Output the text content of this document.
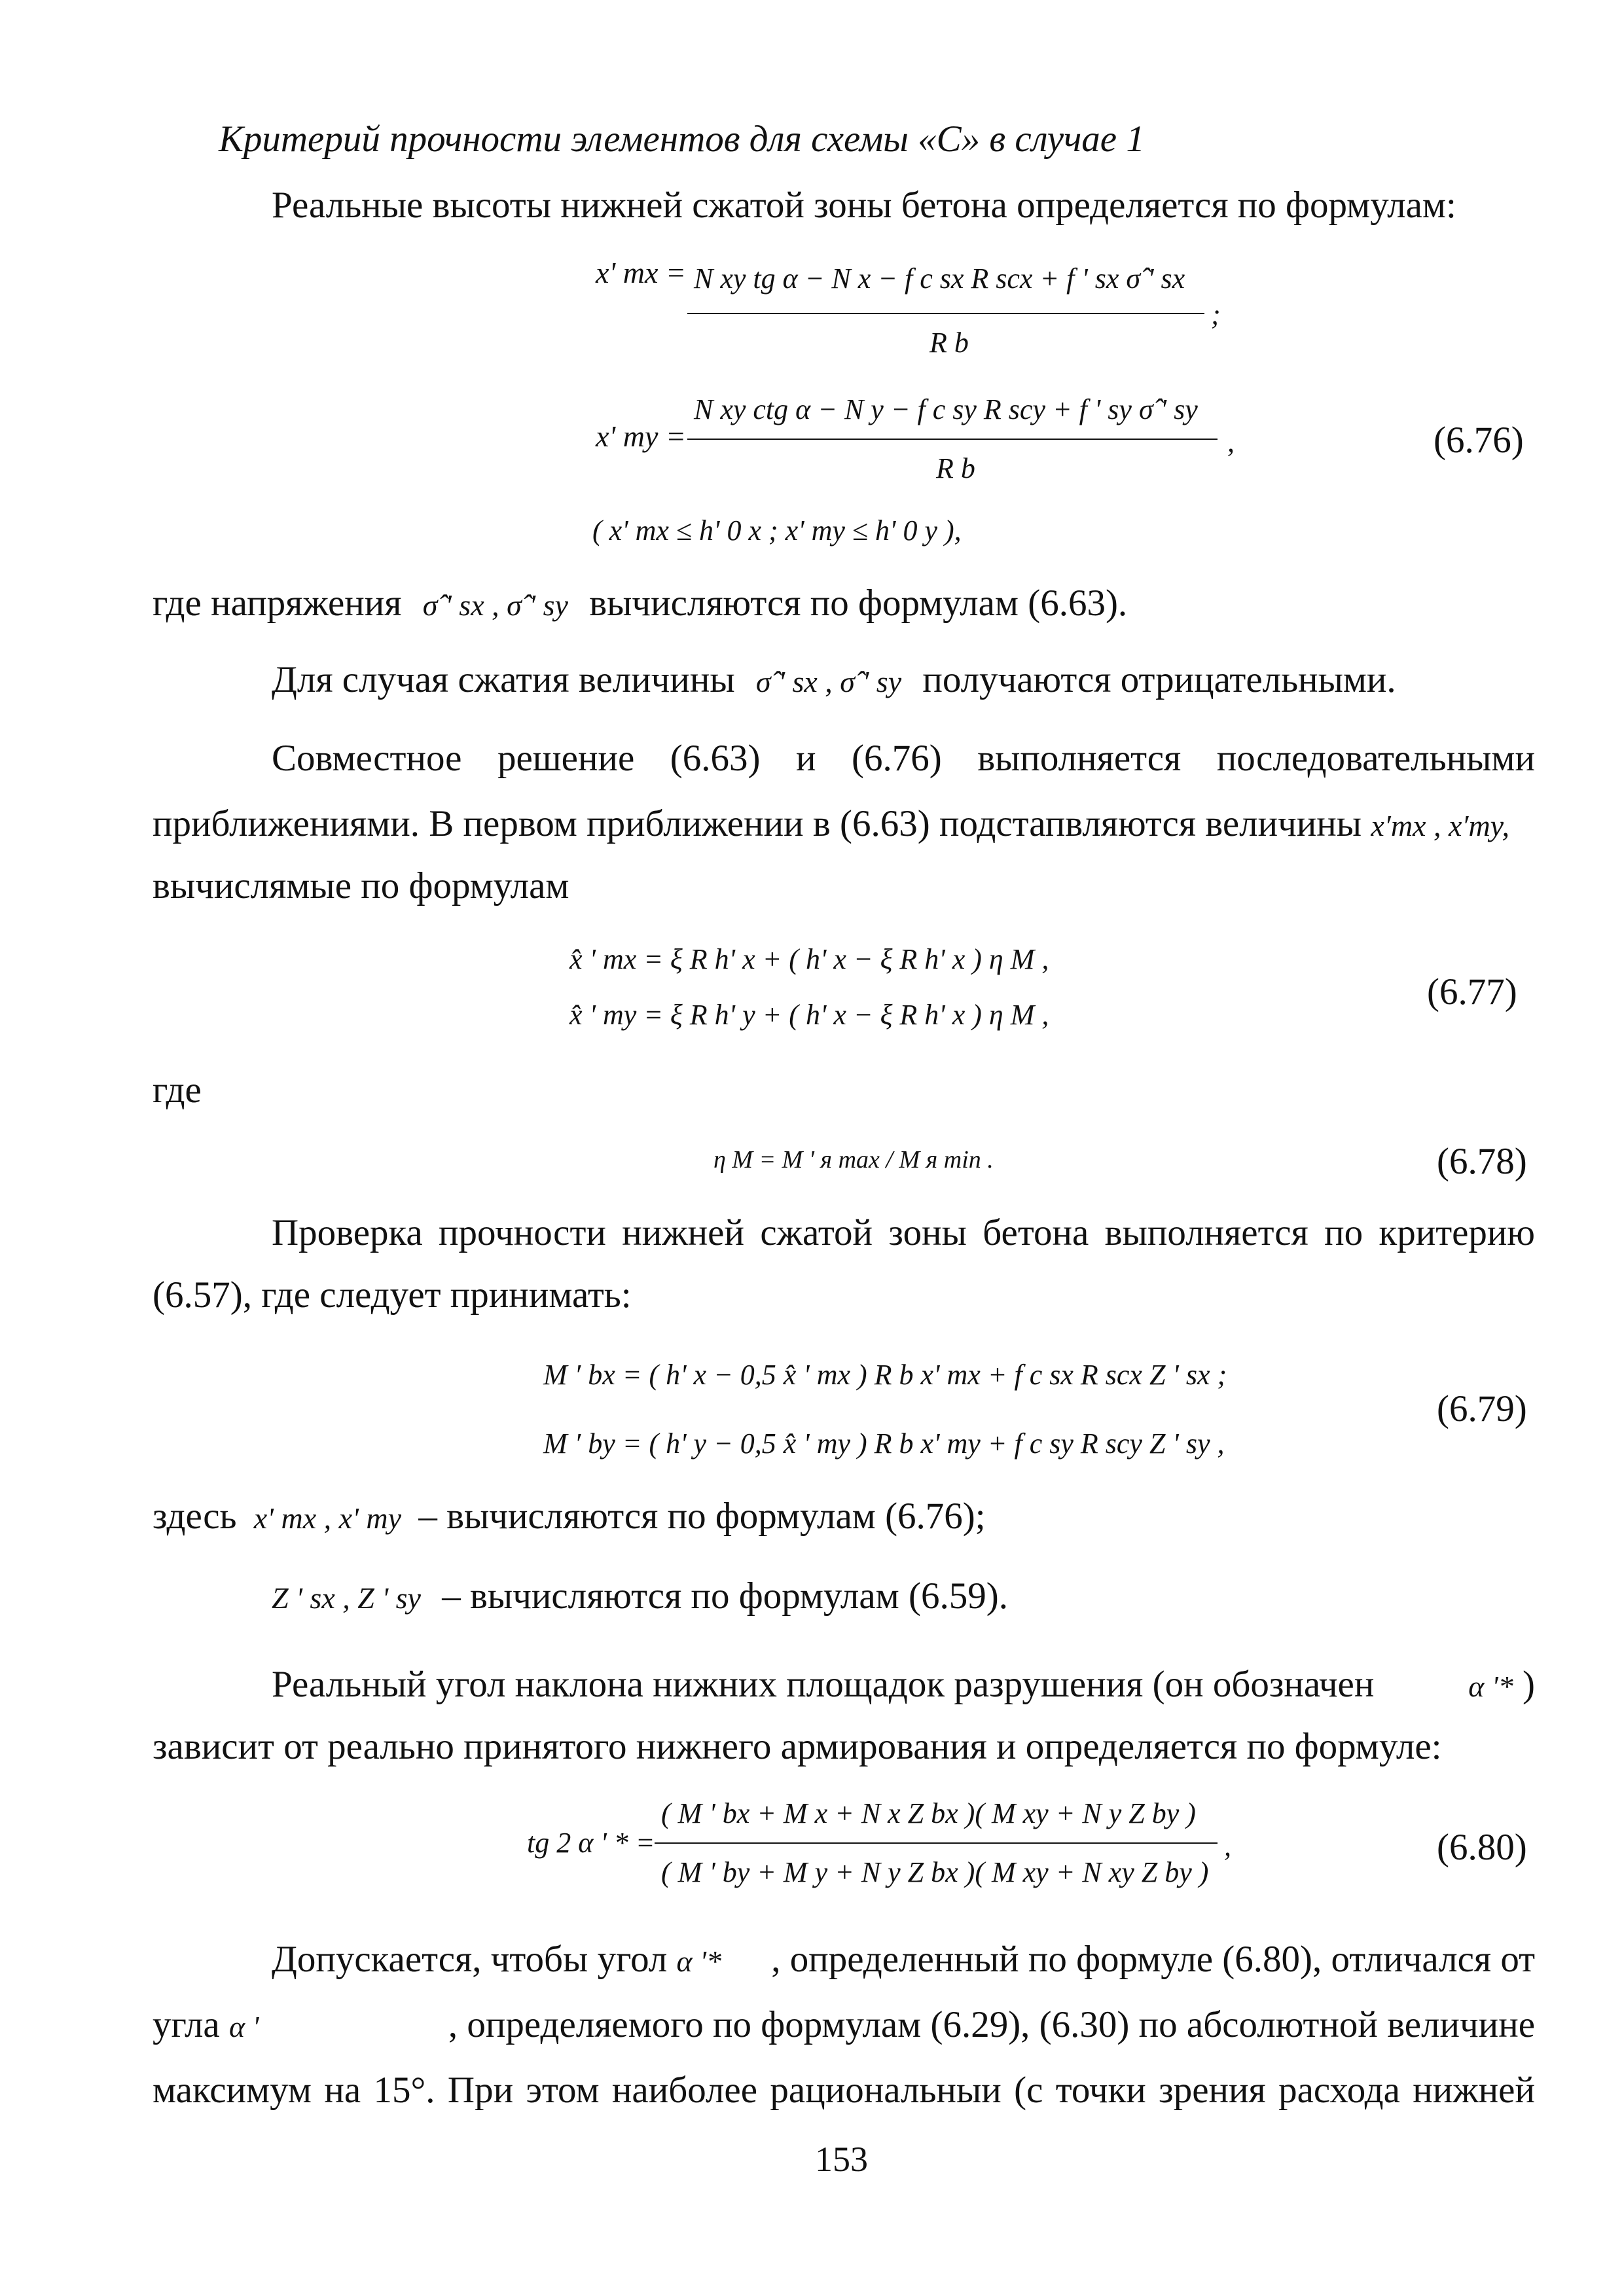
Критерий прочности элементов для схемы «С» в случае 1
Реальные высоты нижней сжатой зоны бетона определяется по формулам:
x' тx = N xy tg α − N x − f c sx R scx + f ' sx σ̂ ' sx
R b
;
x' тy =
N xy ctg α − N y − f c sy R scy + f ' sy σ̂ ' sy
R b
,
( x' тx ≤ h' 0 x ; x' тy ≤ h' 0 y ),
(6.76)
где напряжения σ̂ ' sx , σ̂ ' sy вычисляются по формулам (6.63).
Для случая сжатия величины σ̂ ' sx , σ̂ ' sy получаются отрицательными.
Совместное решение (6.63) и (6.76) выполняется последовательными
приближениями. В первом приближении в (6.63) подстапвляются величины x′тх , x′тy,
вычислямые по формулам
x̂ ' тx = ξ R h' x + ( h' x − ξ R h' x ) η M ,
x̂ ' тy = ξ R h' y + ( h' x − ξ R h' x ) η M ,
(6.77)
где
η M = M ' я max / M я min .	(6.78)
Проверка прочности нижней сжатой зоны бетона выполняется по критерию
(6.57), где следует принимать:
M ′ bx = ( h' x − 0,5 x̂ ' тx ) R b x' тx + f c sx R scx Z ' sx ;
M ′ by = ( h' y − 0,5 x̂ ' тy ) R b x' тy + f c sy R scy Z ' sy ,
(6.79)
здесь x' тx , x' тy – вычисляются по формулам (6.76);
Z ' sx , Z ' sy – вычисляются по формулам (6.59).
Реальный угол наклона нижних площадок разрушения (он обозначен	α '* )
зависит от реально принятого нижнего армирования и определяется по формуле:
tg 2 α ' * =
( M ' bx + M x + N x Z bx )( M xy + N y Z by )
( M ' by + M y + N y Z bx )( M xy + N xy Z by )
,	(6.80)
Допускается, чтобы угол α '* , определенный по формуле (6.80), отличался от
угла α '	, определяемого по формулам (6.29), (6.30) по абсолютной величине
максимум на 15°. При этом наиболее рациональныи (с точки зрения расхода нижней
153
